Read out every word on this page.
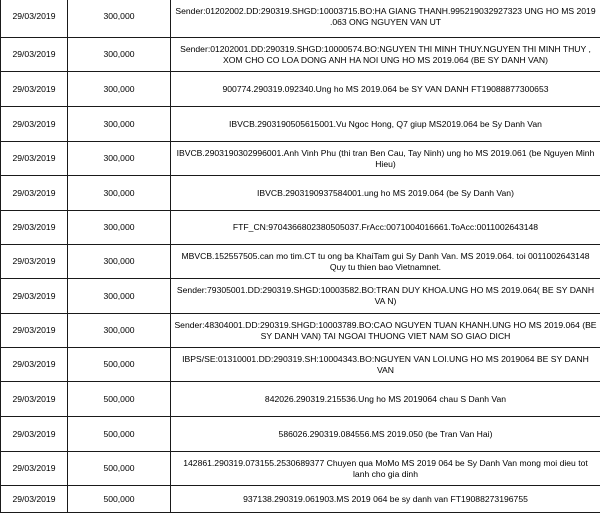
29/03/2019	300,000	Sender:01202002.DD:290319.SHGD:10003715.BO:HA GIANG THANH.995219032927323 UNG HO MS 2019 .063 ONG NGUYEN VAN UT
29/03/2019	300,000	Sender:01202001.DD:290319.SHGD:10000574.BO:NGUYEN THI MINH THUY.NGUYEN THI MINH THUY , XOM CHO CO LOA DONG ANH HA NOI UNG HO MS 2019.064 (BE SY DANH VAN)
29/03/2019	300,000	900774.290319.092340.Ung ho MS 2019.064 be SY VAN DANH FT19088877300653
29/03/2019	300,000	IBVCB.2903190505615001.Vu Ngoc Hong, Q7 giup MS2019.064 be Sy Danh Van
29/03/2019	300,000	IBVCB.2903190302996001.Anh Vinh Phu (thi tran Ben Cau, Tay Ninh) ung ho MS 2019.061 (be Nguyen Minh Hieu)
29/03/2019	300,000	IBVCB.2903190937584001.ung ho MS 2019.064 (be Sy Danh Van)
29/03/2019	300,000	FTF_CN:9704366802380505037.FrAcc:0071004016661.ToAcc:0011002643148
29/03/2019	300,000	MBVCB.152557505.can mo tim.CT tu ong ba KhaiTam gui Sy Danh Van. MS 2019.064. toi 0011002643148 Quy tu thien bao Vietnamnet.
29/03/2019	300,000	Sender:79305001.DD:290319.SHGD:10003582.BO:TRAN DUY KHOA.UNG HO MS 2019.064( BE SY DANH VA N)
29/03/2019	300,000	Sender:48304001.DD:290319.SHGD:10003789.BO:CAO NGUYEN TUAN KHANH.UNG HO MS 2019.064 (BE SY DANH VAN) TAI NGOAI THUONG VIET NAM SO GIAO DICH
29/03/2019	500,000	IBPS/SE:01310001.DD:290319.SH:10004343.BO:NGUYEN VAN LOI.UNG HO MS 2019064 BE SY DANH VAN
29/03/2019	500,000	842026.290319.215536.Ung ho MS 2019064 chau S Danh Van
29/03/2019	500,000	586026.290319.084556.MS 2019.050 (be Tran Van Hai)
29/03/2019	500,000	142861.290319.073155.2530689377 Chuyen qua MoMo MS 2019 064 be Sy Danh Van mong moi dieu tot lanh cho gia dinh
29/03/2019	500,000	937138.290319.061903.MS 2019 064 be sy danh van FT19088273196755
